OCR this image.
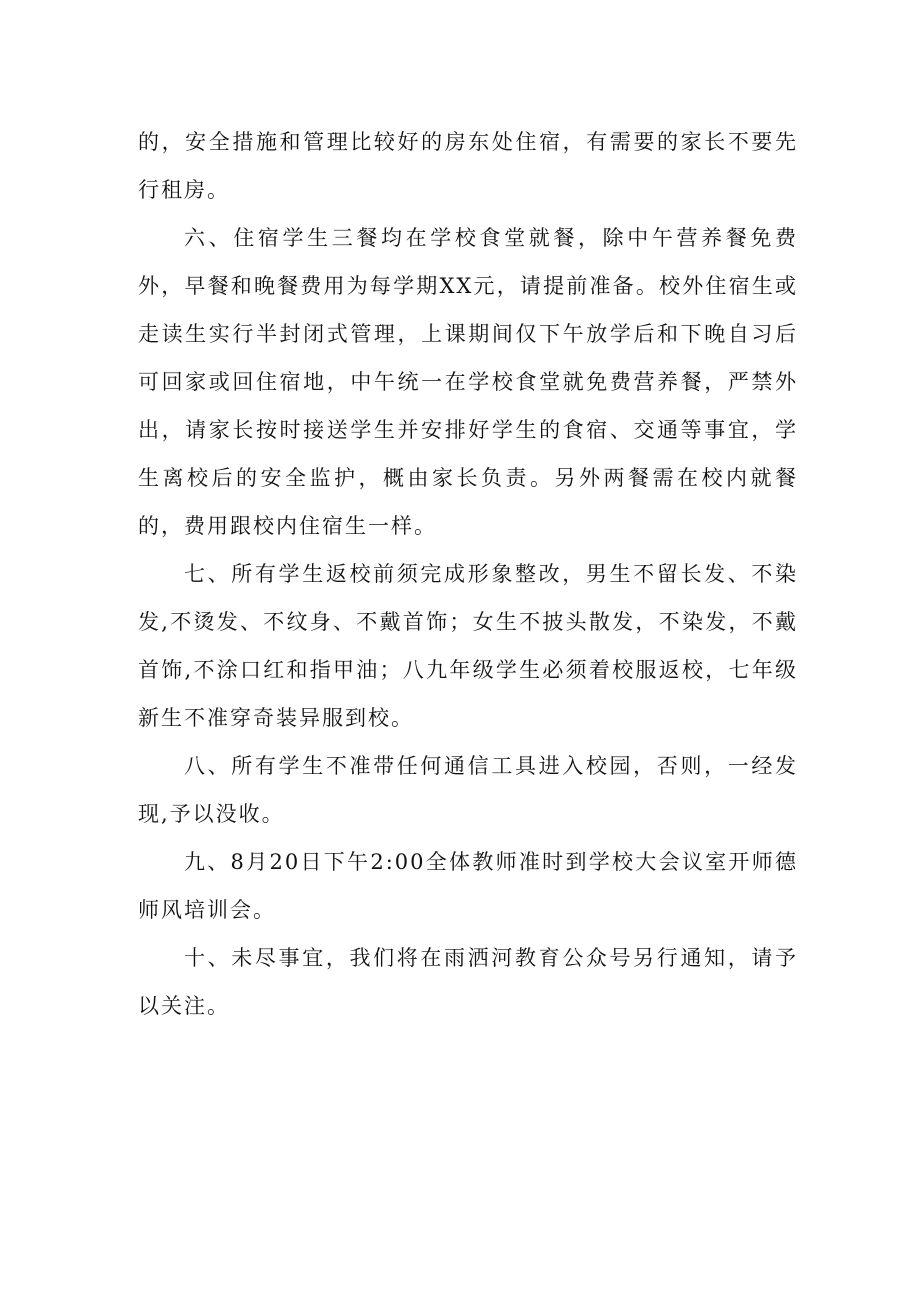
的，安全措施和管理比较好的房东处住宿，有需要的家长不要先行租房。

六、住宿学生三餐均在学校食堂就餐，除中午营养餐免费外，早餐和晚餐费用为每学期XX元，请提前准备。校外住宿生或走读生实行半封闭式管理，上课期间仅下午放学后和下晚自习后可回家或回住宿地，中午统一在学校食堂就免费营养餐，严禁外出，请家长按时接送学生并安排好学生的食宿、交通等事宜，学生离校后的安全监护，概由家长负责。另外两餐需在校内就餐的，费用跟校内住宿生一样。

七、所有学生返校前须完成形象整改，男生不留长发、不染发,不烫发、不纹身、不戴首饰；女生不披头散发，不染发，不戴首饰,不涂口红和指甲油；八九年级学生必须着校服返校，七年级新生不准穿奇装异服到校。

八、所有学生不准带任何通信工具进入校园，否则，一经发现,予以没收。

九、8月20日下午2:00全体教师准时到学校大会议室开师德师风培训会。

十、未尽事宜，我们将在雨洒河教育公众号另行通知，请予以关注。
